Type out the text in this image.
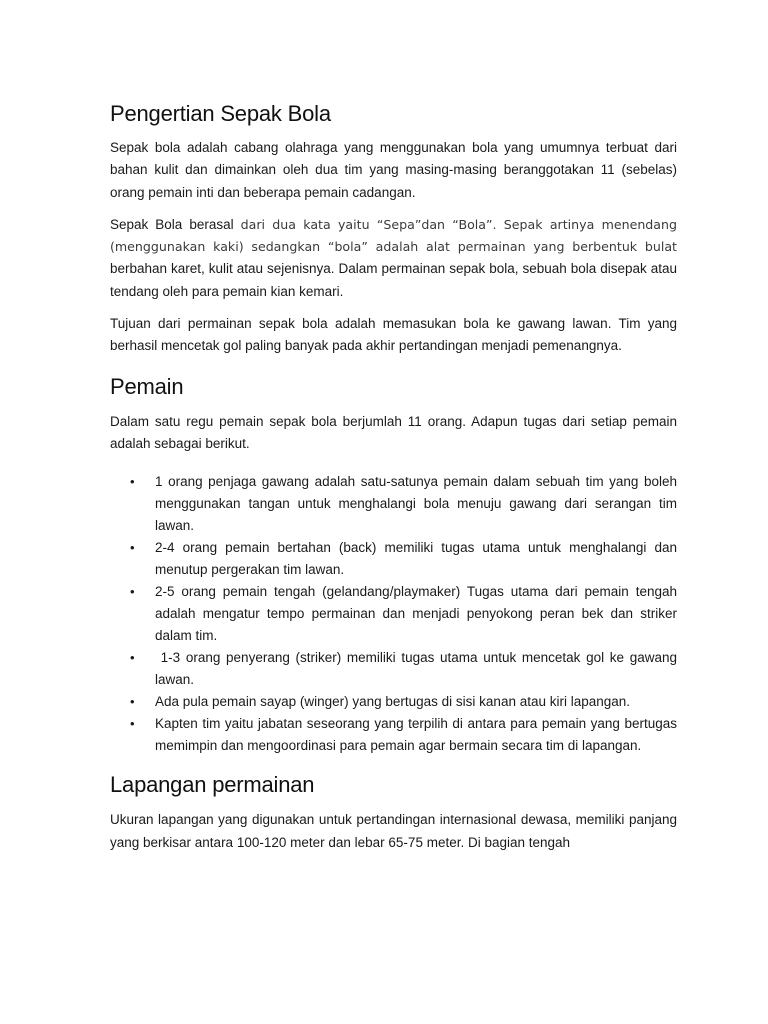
Pengertian Sepak Bola

Sepak bola adalah cabang olahraga yang menggunakan bola yang umumnya terbuat dari bahan kulit dan dimainkan oleh dua tim yang masing-masing beranggotakan 11 (sebelas) orang pemain inti dan beberapa pemain cadangan.

Sepak Bola berasal dari dua kata yaitu “Sepa”dan “Bola”. Sepak artinya menendang (menggunakan kaki) sedangkan “bola” adalah alat permainan yang berbentuk bulat berbahan karet, kulit atau sejenisnya. Dalam permainan sepak bola, sebuah bola disepak atau tendang oleh para pemain kian kemari.

Tujuan dari permainan sepak bola adalah memasukan bola ke gawang lawan. Tim yang berhasil mencetak gol paling banyak pada akhir pertandingan menjadi pemenangnya.

Pemain

Dalam satu regu pemain sepak bola berjumlah 11 orang. Adapun tugas dari setiap pemain adalah sebagai berikut.

• 1 orang penjaga gawang adalah satu-satunya pemain dalam sebuah tim yang boleh menggunakan tangan untuk menghalangi bola menuju gawang dari serangan tim lawan.
• 2-4 orang pemain bertahan (back) memiliki tugas utama untuk menghalangi dan menutup pergerakan tim lawan.
• 2-5 orang pemain tengah (gelandang/playmaker) Tugas utama dari pemain tengah adalah mengatur tempo permainan dan menjadi penyokong peran bek dan striker dalam tim.
• 1-3 orang penyerang (striker) memiliki tugas utama untuk mencetak gol ke gawang lawan.
• Ada pula pemain sayap (winger) yang bertugas di sisi kanan atau kiri lapangan.
• Kapten tim yaitu jabatan seseorang yang terpilih di antara para pemain yang bertugas memimpin dan mengoordinasi para pemain agar bermain secara tim di lapangan.
Lapangan permainan

Ukuran lapangan yang digunakan untuk pertandingan internasional dewasa, memiliki panjang yang berkisar antara 100-120 meter dan lebar 65-75 meter. Di bagian tengah
